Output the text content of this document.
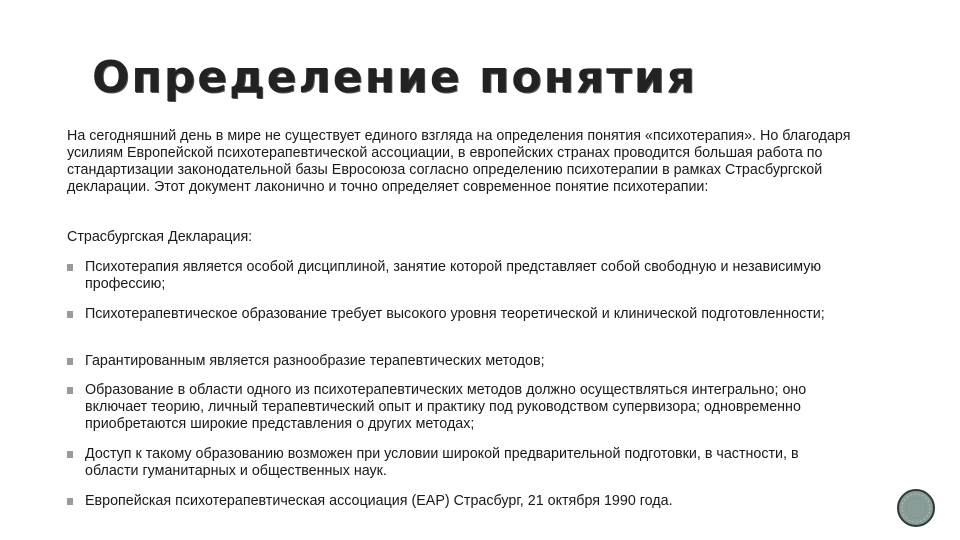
Определение понятия

На сегодняшний день в мире не существует единого взгляда на определения понятия «психотерапия». Но благодаря усилиям Европейской психотерапевтической ассоциации, в европейских странах проводится большая работа по стандартизации законодательной базы Евросоюза согласно определению психотерапии в рамках Страсбургской декларации. Этот документ лаконично и точно определяет современное понятие психотерапии:

Страсбургская Декларация:

Психотерапия является особой дисциплиной, занятие которой представляет собой свободную и независимую профессию;
Психотерапевтическое образование требует высокого уровня теоретической и клинической подготовленности;
Гарантированным является разнообразие терапевтических методов;
Образование в области одного из психотерапевтических методов должно осуществляться интегрально; оно включает теорию, личный терапевтический опыт и практику под руководством супервизора; одновременно приобретаются широкие представления о других методах;
Доступ к такому образованию возможен при условии широкой предварительной подготовки, в частности, в области гуманитарных и общественных наук.
Европейская психотерапевтическая ассоциация (ЕАР) Страсбург, 21 октября 1990 года.
